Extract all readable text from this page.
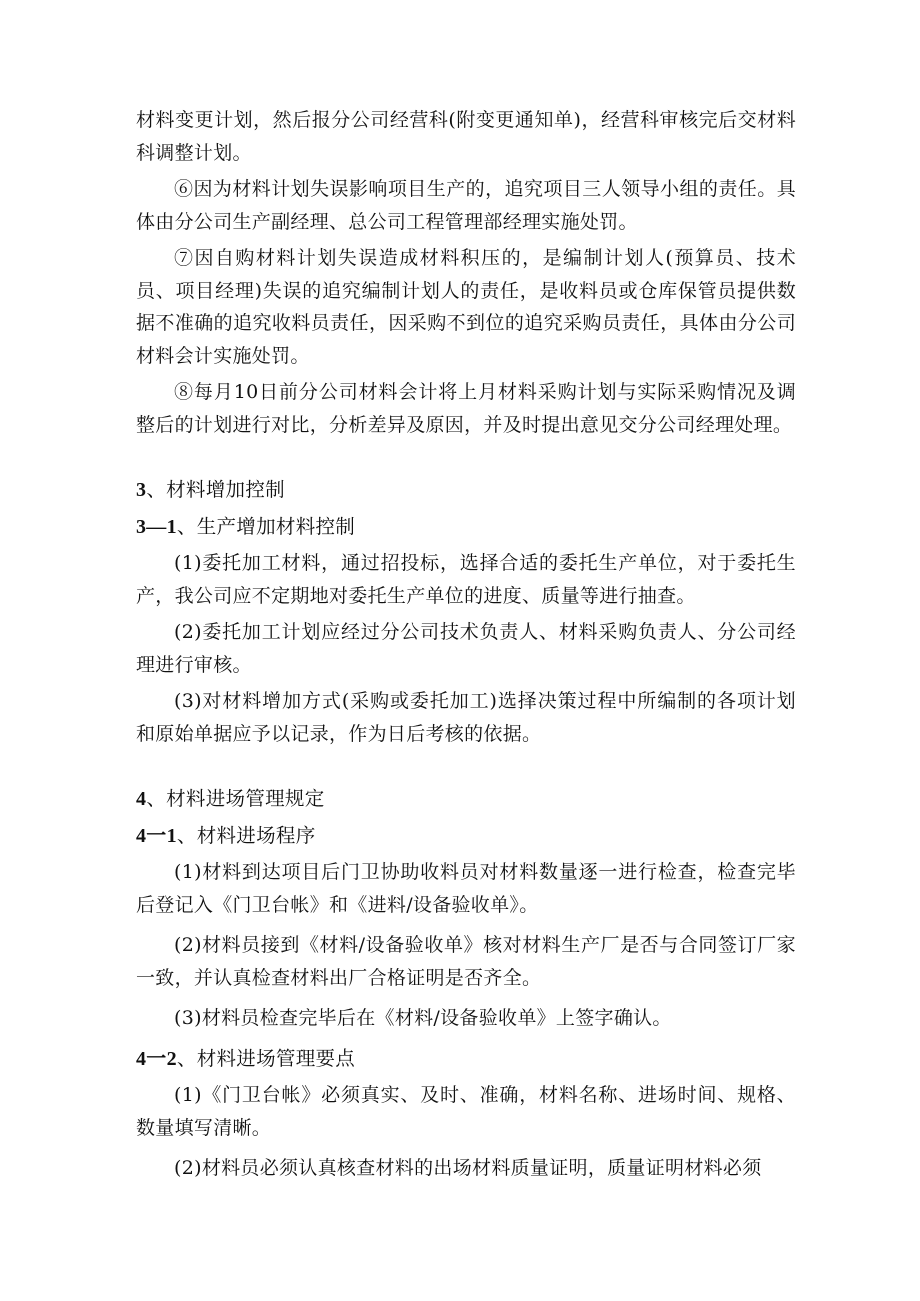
材料变更计划，然后报分公司经营科(附变更通知单)，经营科审核完后交材料科调整计划。

⑥因为材料计划失误影响项目生产的，追究项目三人领导小组的责任。具体由分公司生产副经理、总公司工程管理部经理实施处罚。

⑦因自购材料计划失误造成材料积压的，是编制计划人(预算员、技术员、项目经理)失误的追究编制计划人的责任，是收料员或仓库保管员提供数据不准确的追究收料员责任，因采购不到位的追究采购员责任，具体由分公司材料会计实施处罚。

⑧每月10日前分公司材料会计将上月材料采购计划与实际采购情况及调整后的计划进行对比，分析差异及原因，并及时提出意见交分公司经理处理。

3、材料增加控制

3—1、生产增加材料控制

(1)委托加工材料，通过招投标，选择合适的委托生产单位，对于委托生产，我公司应不定期地对委托生产单位的进度、质量等进行抽查。

(2)委托加工计划应经过分公司技术负责人、材料采购负责人、分公司经理进行审核。

(3)对材料增加方式(采购或委托加工)选择决策过程中所编制的各项计划和原始单据应予以记录，作为日后考核的依据。

4、材料进场管理规定

4一1、材料进场程序

(1)材料到达项目后门卫协助收料员对材料数量逐一进行检查，检查完毕后登记入《门卫台帐》和《进料/设备验收单》。

(2)材料员接到《材料/设备验收单》核对材料生产厂是否与合同签订厂家一致，并认真检查材料出厂合格证明是否齐全。

(3)材料员检查完毕后在《材料/设备验收单》上签字确认。

4一2、材料进场管理要点

(1)《门卫台帐》必须真实、及时、准确，材料名称、进场时间、规格、数量填写清晰。

(2)材料员必须认真核查材料的出场材料质量证明，质量证明材料必须
